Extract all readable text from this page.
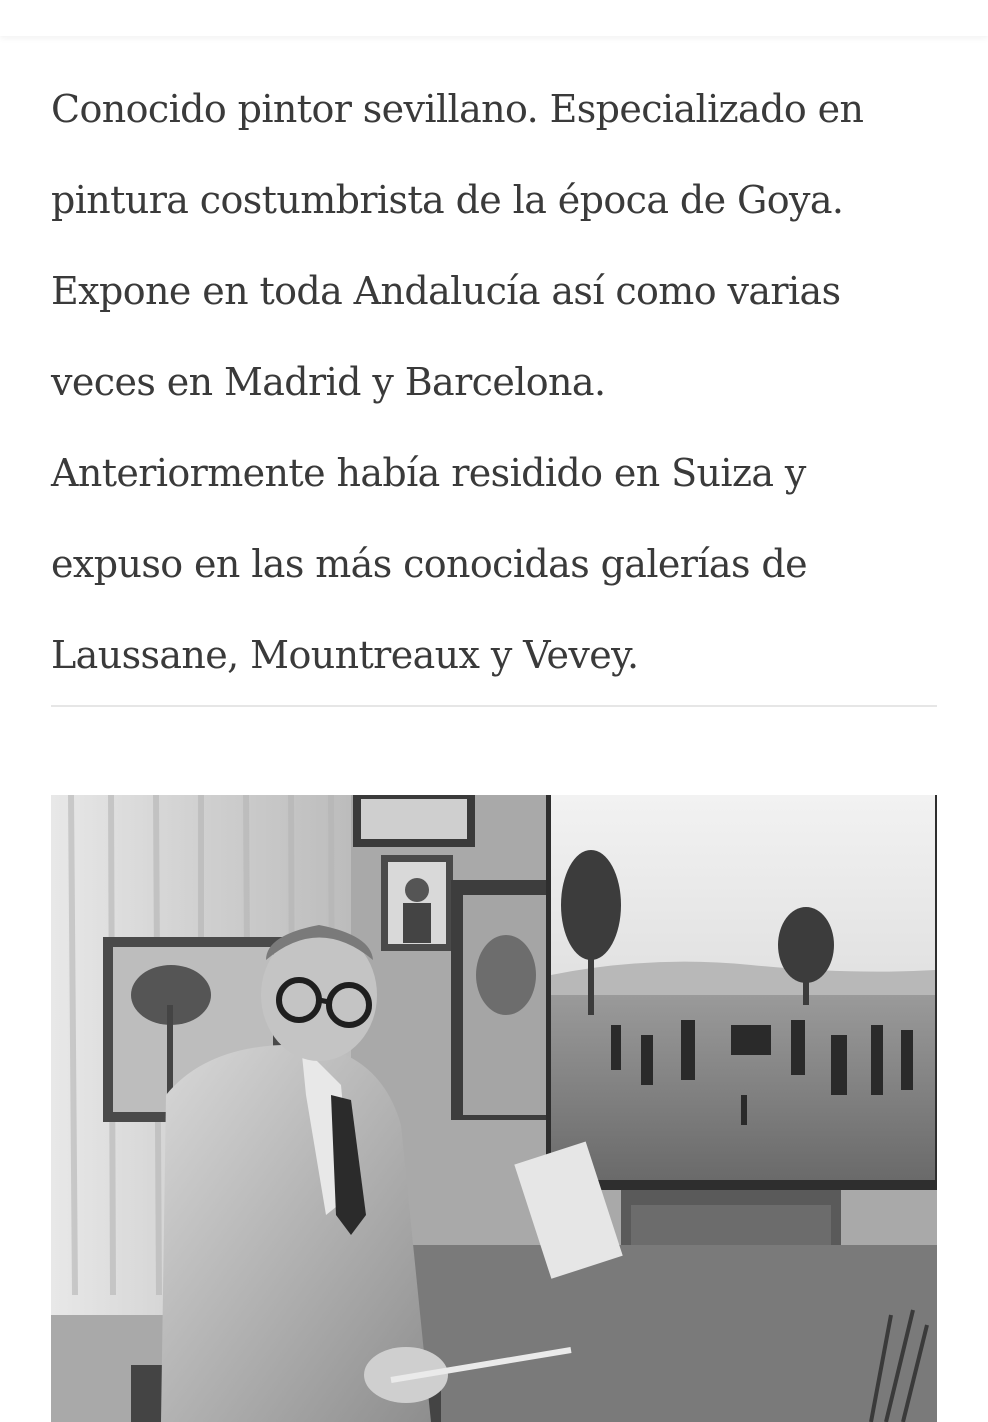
Conocido pintor sevillano. Especializado en
pintura costumbrista de la época de Goya.
Expone en toda Andalucía así como varias
veces en Madrid y Barcelona.
Anteriormente había residido en Suiza y
expuso en las más conocidas galerías de
Laussane, Mountreaux y Vevey.
